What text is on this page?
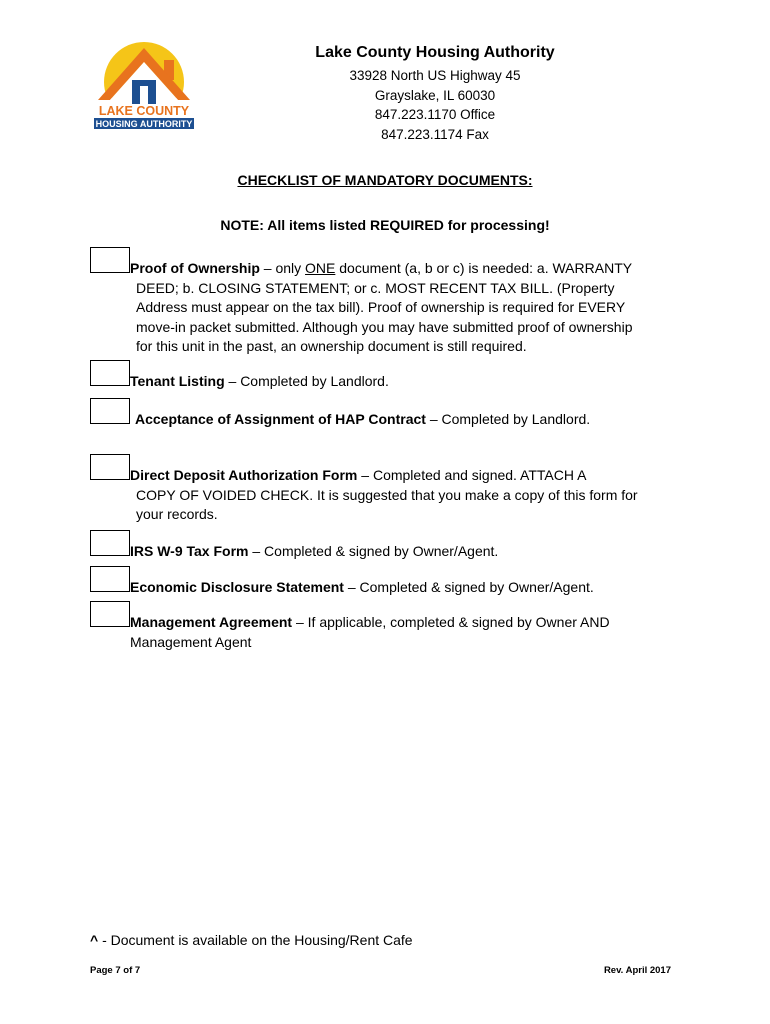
LAKE COUNTY
HOUSING AUTHORITY
Lake County Housing Authority
33928 North US Highway 45
Grayslake, IL 60030
847.223.1170 Office
847.223.1174 Fax
CHECKLIST OF MANDATORY DOCUMENTS:
NOTE: All items listed REQUIRED for processing!
Proof of Ownership – only ONE document (a, b or c) is needed: a. WARRANTY
DEED; b. CLOSING STATEMENT; or c. MOST RECENT TAX BILL. (Property
Address must appear on the tax bill). Proof of ownership is required for EVERY
move-in packet submitted. Although you may have submitted proof of ownership
for this unit in the past, an ownership document is still required.
Tenant Listing – Completed by Landlord.
Acceptance of Assignment of HAP Contract – Completed by Landlord.
Direct Deposit Authorization Form – Completed and signed. ATTACH A
COPY OF VOIDED CHECK. It is suggested that you make a copy of this form for
your records.
IRS W-9 Tax Form – Completed & signed by Owner/Agent.
Economic Disclosure Statement – Completed & signed by Owner/Agent.
Management Agreement – If applicable, completed & signed by Owner AND
Management Agent
^ - Document is available on the Housing/Rent Cafe
Page 7 of 7	Rev. April 2017
